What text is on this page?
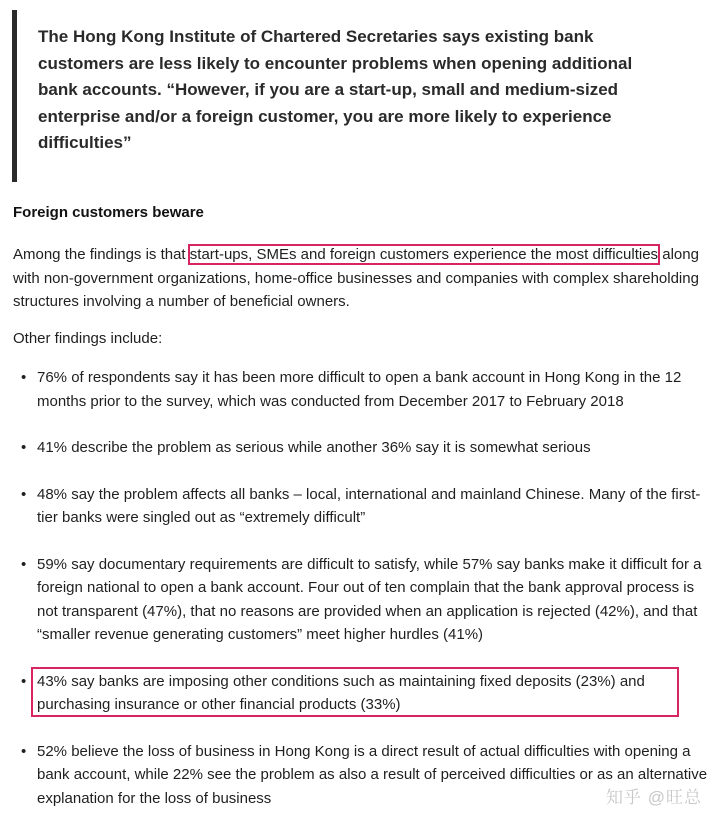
The Hong Kong Institute of Chartered Secretaries says existing bank customers are less likely to encounter problems when opening additional bank accounts. “However, if you are a start-up, small and medium-sized enterprise and/or a foreign customer, you are more likely to experience difficulties”

Foreign customers beware

Among the findings is that start-ups, SMEs and foreign customers experience the most difficulties along with non-government organizations, home-office businesses and companies with complex shareholding structures involving a number of beneficial owners.

Other findings include:

• 76% of respondents say it has been more difficult to open a bank account in Hong Kong in the 12 months prior to the survey, which was conducted from December 2017 to February 2018
• 41% describe the problem as serious while another 36% say it is somewhat serious
• 48% say the problem affects all banks – local, international and mainland Chinese. Many of the first-tier banks were singled out as “extremely difficult”
• 59% say documentary requirements are difficult to satisfy, while 57% say banks make it difficult for a foreign national to open a bank account. Four out of ten complain that the bank approval process is not transparent (47%), that no reasons are provided when an application is rejected (42%), and that “smaller revenue generating customers” meet higher hurdles (41%)
• 43% say banks are imposing other conditions such as maintaining fixed deposits (23%) and purchasing insurance or other financial products (33%)
• 52% believe the loss of business in Hong Kong is a direct result of actual difficulties with opening a bank account, while 22% see the problem as also a result of perceived difficulties or as an alternative explanation for the loss of business	知乎 @旺总
